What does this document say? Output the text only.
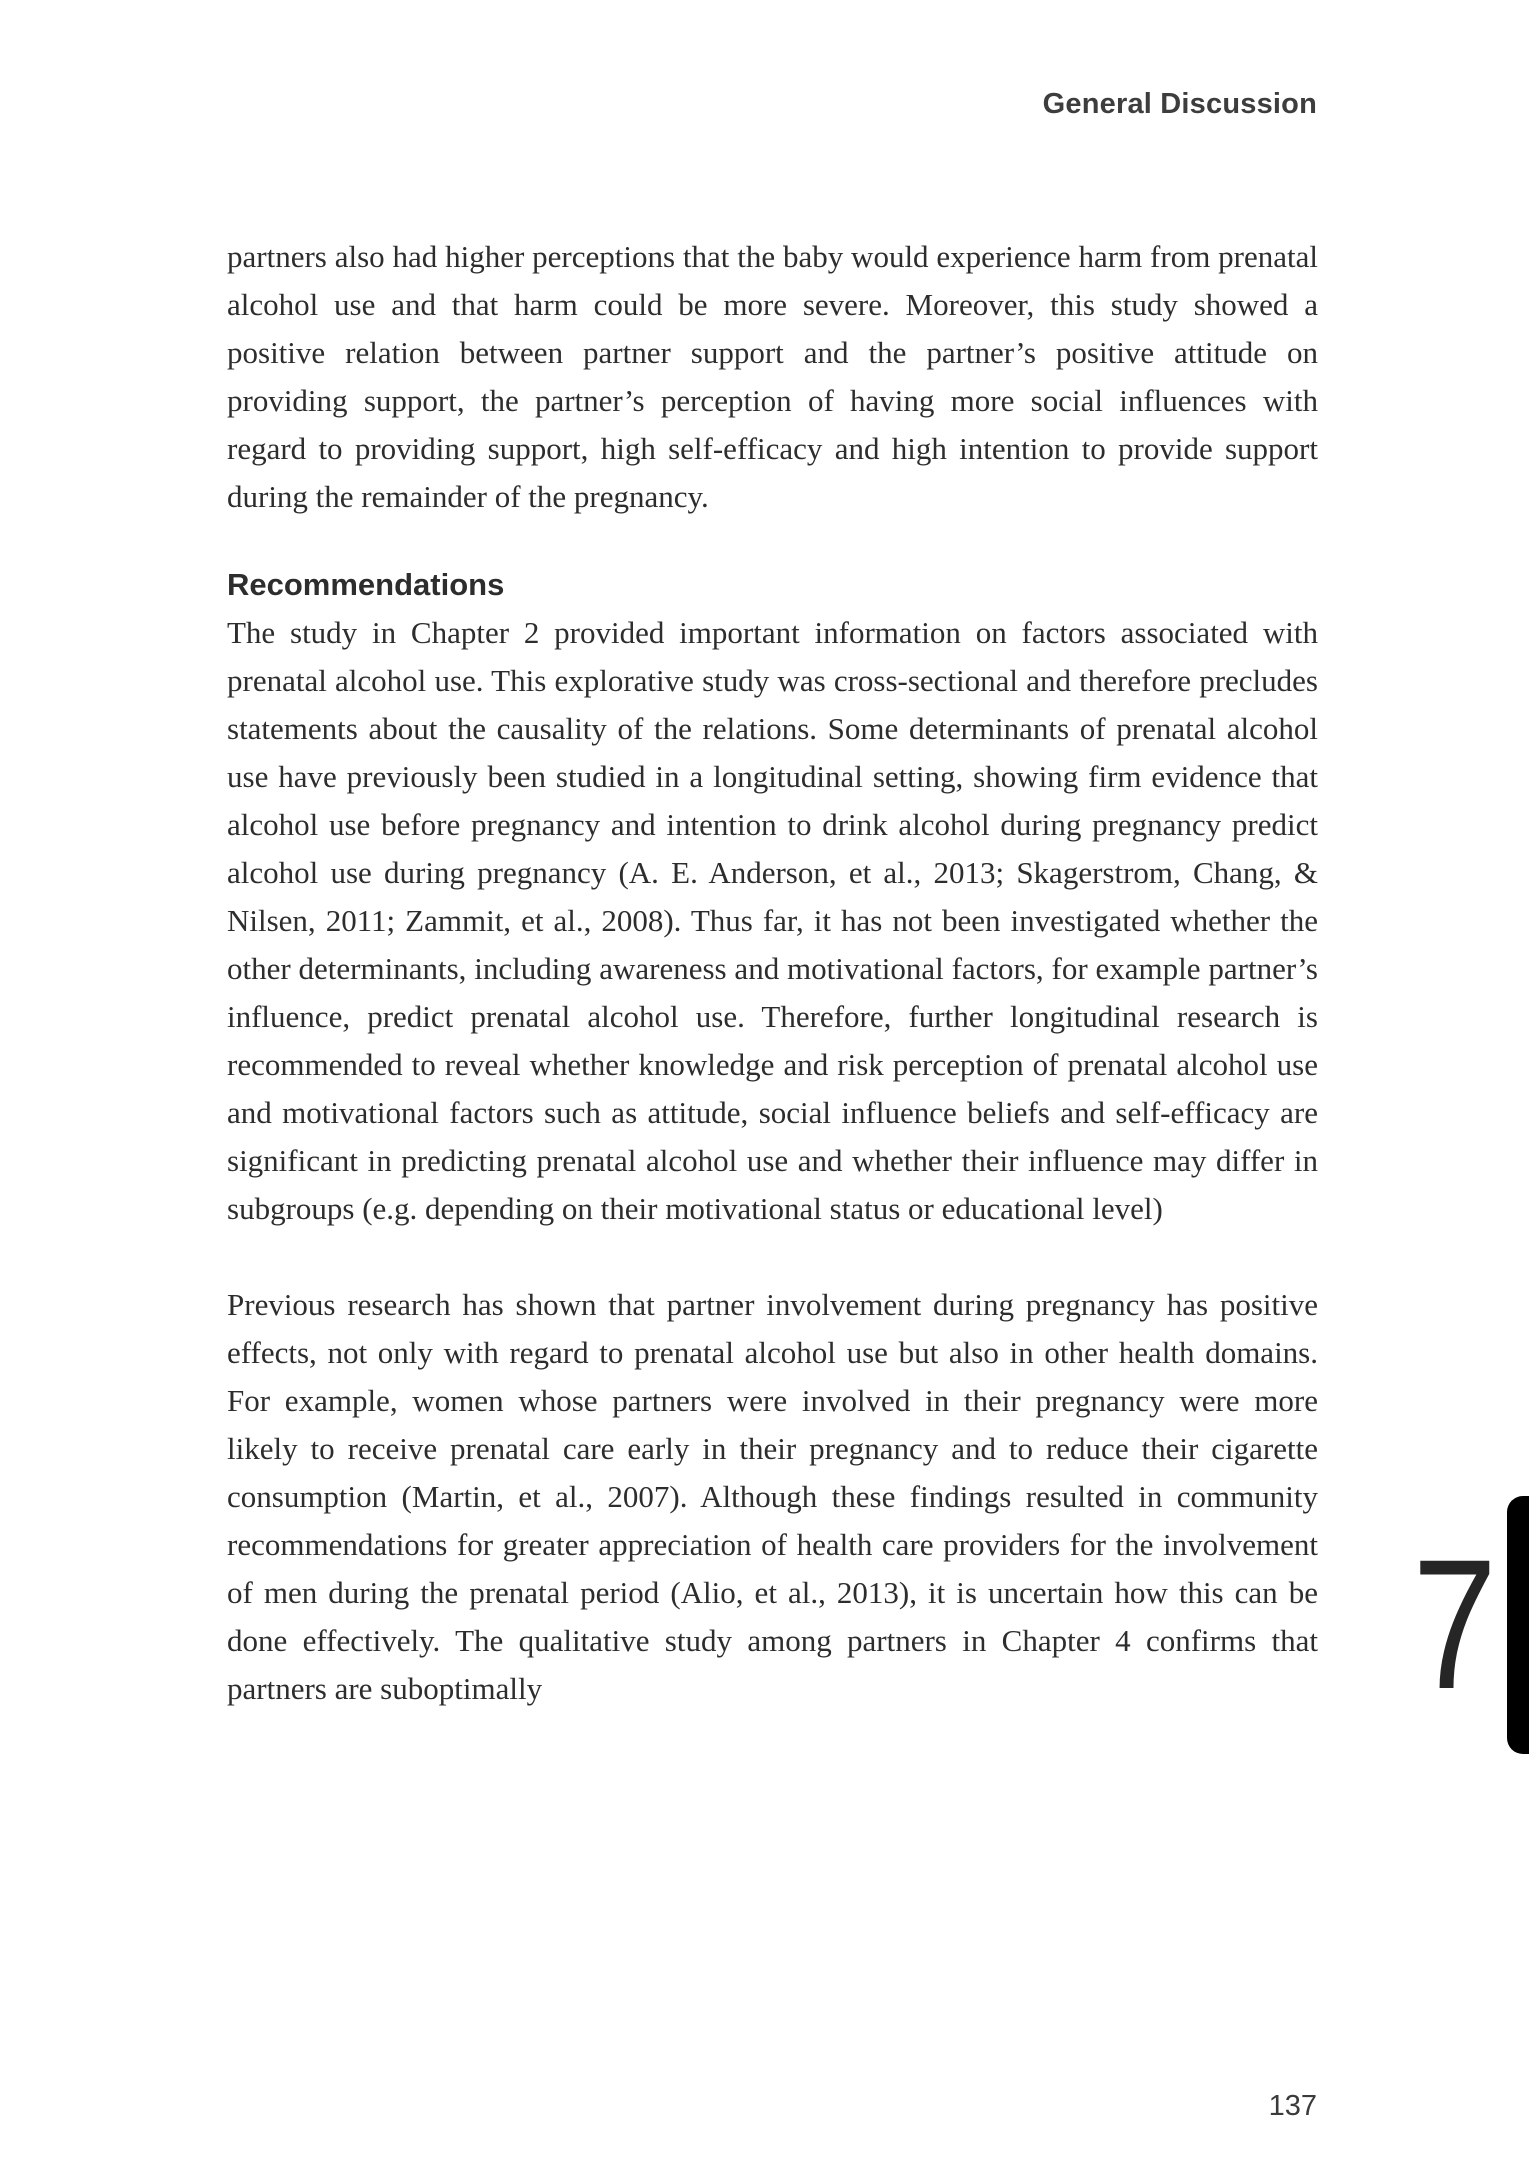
General Discussion

partners also had higher perceptions that the baby would experience harm from prenatal alcohol use and that harm could be more severe. Moreover, this study showed a positive relation between partner support and the partner’s positive attitude on providing support, the partner’s perception of having more social influences with regard to providing support, high self-efficacy and high intention to provide support during the remainder of the pregnancy.

Recommendations

The study in Chapter 2 provided important information on factors associated with prenatal alcohol use. This explorative study was cross-sectional and therefore precludes statements about the causality of the relations. Some determinants of prenatal alcohol use have previously been studied in a longitudinal setting, showing firm evidence that alcohol use before pregnancy and intention to drink alcohol during pregnancy predict alcohol use during pregnancy (A. E. Anderson, et al., 2013; Skagerstrom, Chang, & Nilsen, 2011; Zammit, et al., 2008). Thus far, it has not been investigated whether the other determinants, including awareness and motivational factors, for example partner’s influence, predict prenatal alcohol use. Therefore, further longitudinal research is recommended to reveal whether knowledge and risk perception of prenatal alcohol use and motivational factors such as attitude, social influence beliefs and self-efficacy are significant in predicting prenatal alcohol use and whether their influence may differ in subgroups (e.g. depending on their motivational status or educational level)

Previous research has shown that partner involvement during pregnancy has positive effects, not only with regard to prenatal alcohol use but also in other health domains. For example, women whose partners were involved in their pregnancy were more likely to receive prenatal care early in their pregnancy and to reduce their cigarette consumption (Martin, et al., 2007). Although these findings resulted in community recommendations for greater appreciation of health care providers for the involvement of men during the prenatal period (Alio, et al., 2013), it is uncertain how this can be done effectively. The qualitative study among partners in Chapter 4 confirms that partners are suboptimally	7
137
